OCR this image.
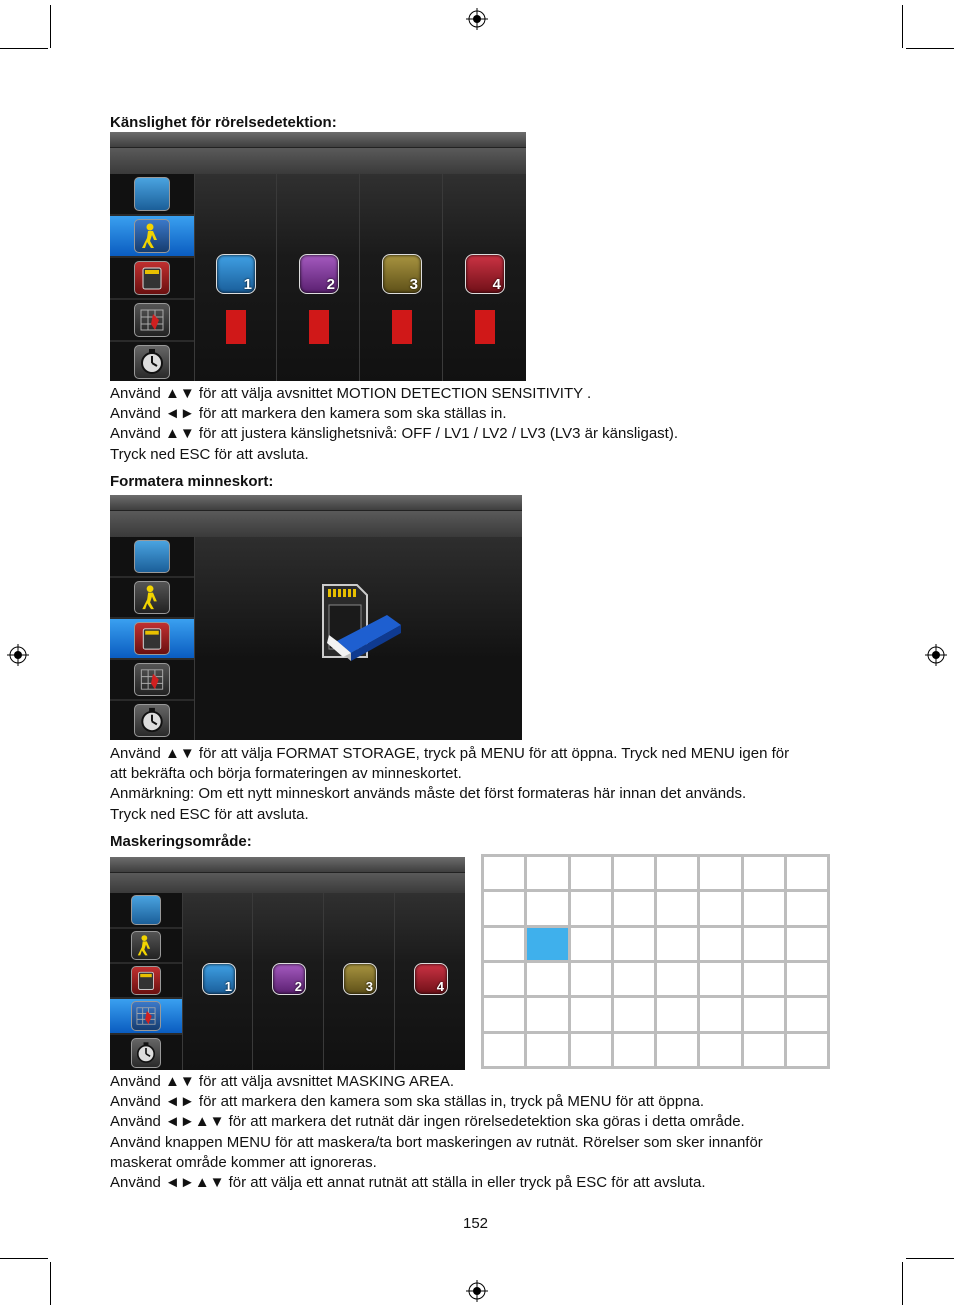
Känslighet för rörelsedetektion:
1	2	3	4
Använd ▲▼ för att välja avsnittet MOTION DETECTION SENSITIVITY .
Använd ◄► för att markera den kamera som ska ställas in.
Använd ▲▼ för att justera känslighetsnivå: OFF / LV1 / LV2 / LV3 (LV3 är känsligast).
Tryck ned ESC för att avsluta.
Formatera minneskort:
Använd ▲▼ för att välja FORMAT STORAGE, tryck på MENU för att öppna. Tryck ned MENU igen för
att bekräfta och börja formateringen av minneskortet.
Anmärkning: Om ett nytt minneskort används måste det först formateras här innan det används.
Tryck ned ESC för att avsluta.
Maskeringsområde:
1	2	3	4
Använd ▲▼ för att välja avsnittet MASKING AREA.
Använd ◄► för att markera den kamera som ska ställas in, tryck på MENU för att öppna.
Använd ◄►▲▼ för att markera det rutnät där ingen rörelsedetektion ska göras i detta område.
Använd knappen MENU för att maskera/ta bort maskeringen av rutnät. Rörelser som sker innanför
maskerat område kommer att ignoreras.
Använd ◄►▲▼ för att välja ett annat rutnät att ställa in eller tryck på ESC för att avsluta.
152
